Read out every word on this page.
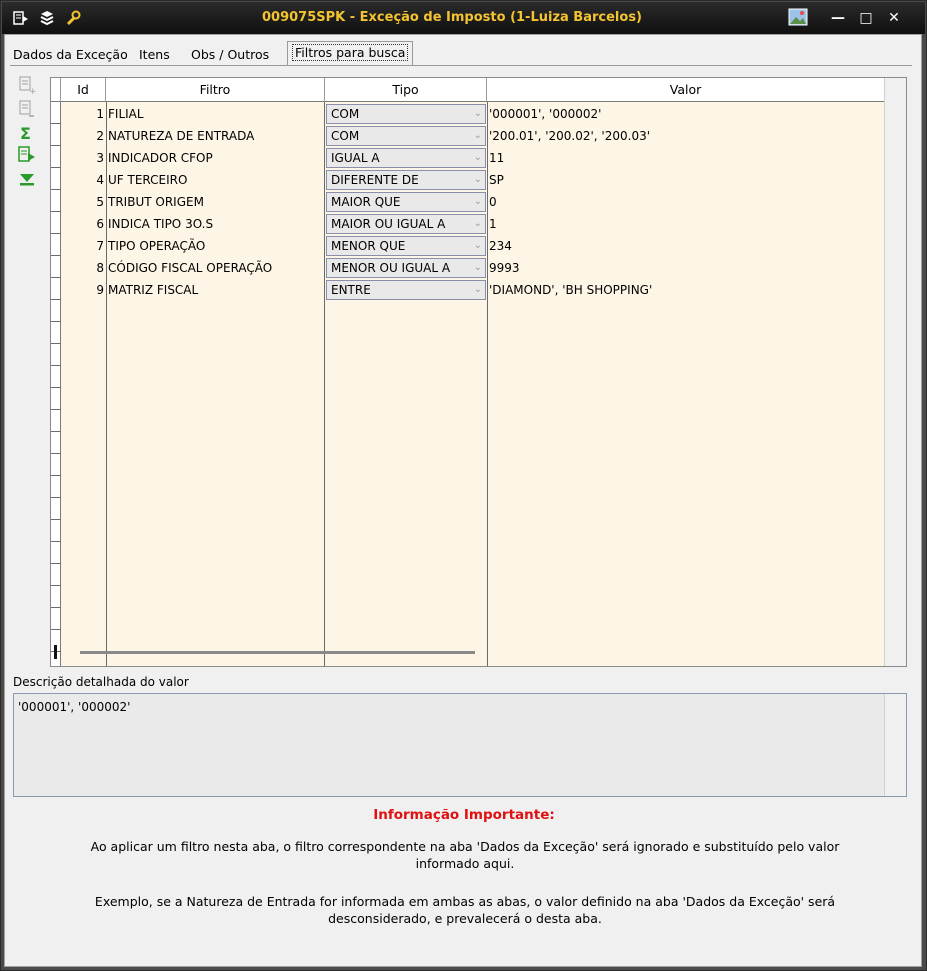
009075SPK - Exceção de Imposto (1-Luiza Barcelos)	— □ ✕
Dados da Exceção Itens Obs / Outros	Filtros para busca
+
Σ
Id	Filtro	Tipo	Valor
1 FILIAL	COM	⌄ '000001', '000002'
2 NATUREZA DE ENTRADA	COM	⌄ '200.01', '200.02', '200.03'
3 INDICADOR CFOP	IGUAL A	⌄ 11
4 UF TERCEIRO	DIFERENTE DE	⌄ SP
5 TRIBUT ORIGEM	MAIOR QUE	⌄ 0
6 INDICA TIPO 3O.S	MAIOR OU IGUAL A	⌄ 1
7 TIPO OPERAÇÃO	MENOR QUE	⌄ 234
8 CÓDIGO FISCAL OPERAÇÃO	MENOR OU IGUAL A ⌄ 9993
9 MATRIZ FISCAL	ENTRE	⌄ 'DIAMOND', 'BH SHOPPING'
Descrição detalhada do valor
'000001', '000002'
Informação Importante:
Ao aplicar um filtro nesta aba, o filtro correspondente na aba 'Dados da Exceção' será ignorado e substituído pelo valor informado aqui.
Exemplo, se a Natureza de Entrada for informada em ambas as abas, o valor definido na aba 'Dados da Exceção' será desconsiderado, e prevalecerá o desta aba.
